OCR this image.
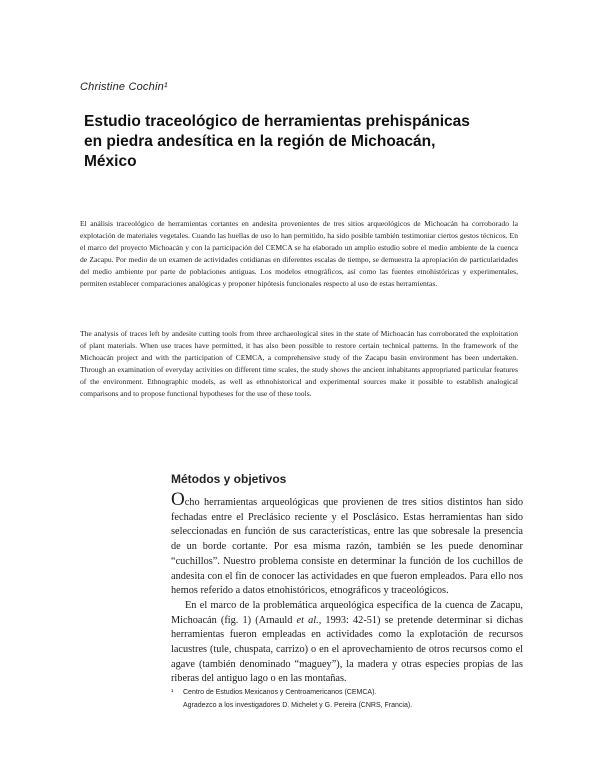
Christine Cochin¹
Estudio traceológico de herramientas prehispánicas
en piedra andesítica en la región de Michoacán,
México

El análisis traceológico de herramientas cortantes en andesita provenientes de tres sitios arqueológicos de Michoacán ha corroborado la explotación de materiales vegetales. Cuando las huellas de uso lo han permitido, ha sido posible también testimoniar ciertos gestos técnicos. En el marco del proyecto Michoacán y con la participación del CEMCA se ha elaborado un amplio estudio sobre el medio ambiente de la cuenca de Zacapu. Por medio de un examen de actividades cotidianas en diferentes escalas de tiempo, se demuestra la apropiación de particularidades del medio ambiente por parte de poblaciones antiguas. Los modelos etnográficos, así como las fuentes etnohistóricas y experimentales, permiten establecer comparaciones analógicas y proponer hipótesis funcionales respecto al uso de estas herramientas.

The analysis of traces left by andesite cutting tools from three archaeological sites in the state of Michoacán has corroborated the exploitation of plant materials. When use traces have permitted, it has also been possible to restore certain technical patterns. In the framework of the Michoacán project and with the participation of CEMCA, a comprehensive study of the Zacapu basin environment has been undertaken. Through an examination of everyday activities on different time scales, the study shows the ancient inhabitants appropriated particular features of the environment. Ethnographic models, as well as ethnohistorical and experimental sources make it possible to establish analogical comparisons and to propose functional hypotheses for the use of these tools.

Métodos y objetivos

Ocho herramientas arqueológicas que provienen de tres sitios distintos han sido fechadas entre el Preclásico reciente y el Posclásico. Estas herramientas han sido seleccionadas en función de sus características, entre las que sobresale la presencia de un borde cortante. Por esa misma razón, también se les puede denominar “cuchillos”. Nuestro problema consiste en determinar la función de los cuchillos de andesita con el fin de conocer las actividades en que fueron empleados. Para ello nos hemos referido a datos etnohistóricos, etnográficos y traceológicos.

En el marco de la problemática arqueológica específica de la cuenca de Zacapu, Michoacán (fig. 1) (Arnauld et al., 1993: 42-51) se pretende determinar si dichas herramientas fueron empleadas en actividades como la explotación de recursos lacustres (tule, chuspata, carrizo) o en el aprovechamiento de otros recursos como el agave (también denominado “maguey”), la madera y otras especies propias de las riberas del antiguo lago o en las montañas.

¹ Centro de Estudios Mexicanos y Centroamericanos (CEMCA).
Agradezco a los investigadores D. Michelet y G. Pereira (CNRS, Francia).
